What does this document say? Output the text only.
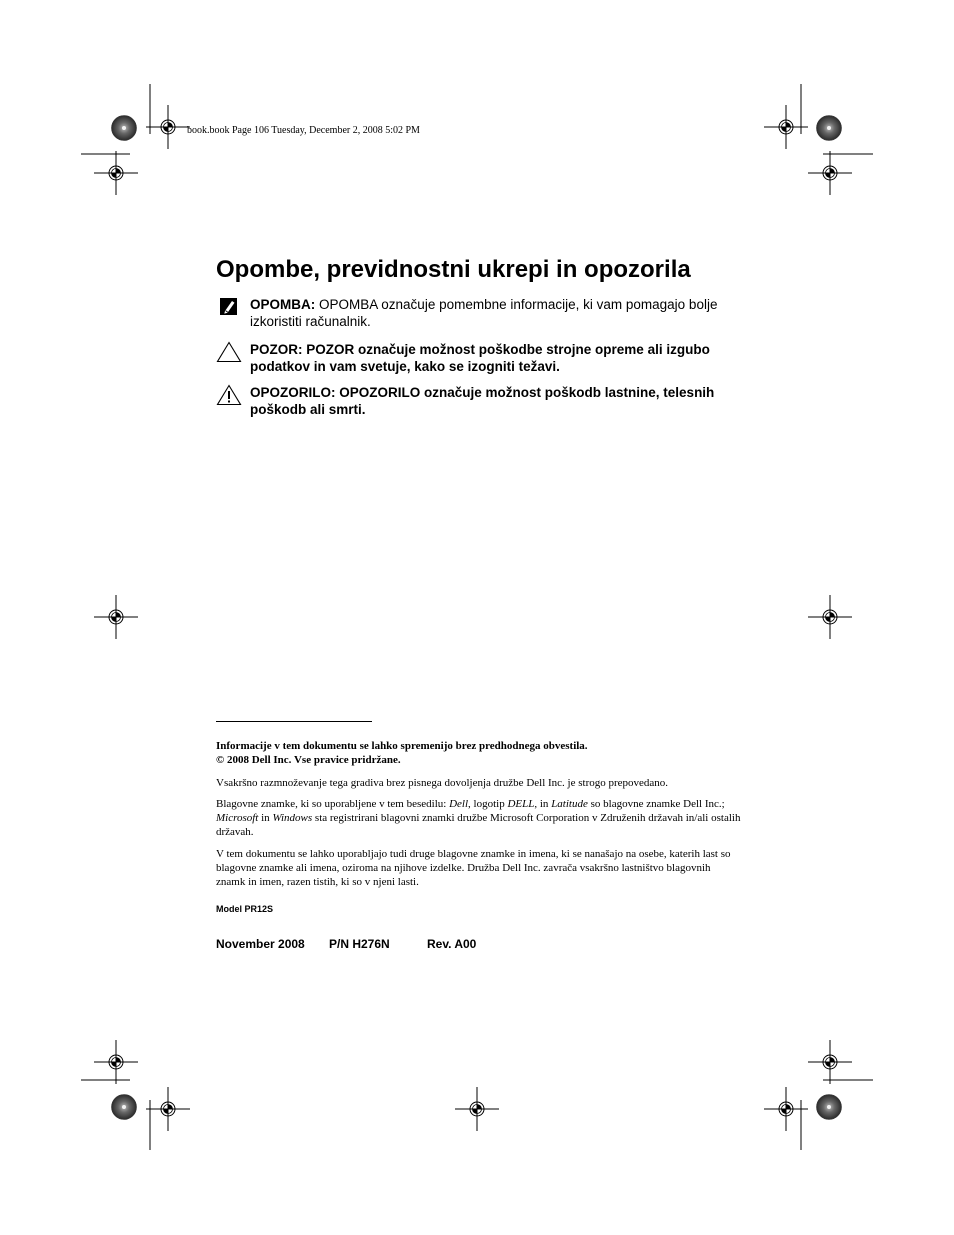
book.book Page 106 Tuesday, December 2, 2008 5:02 PM
Opombe, previdnostni ukrepi in opozorila
OPOMBA: OPOMBA označuje pomembne informacije, ki vam pomagajo bolje izkoristiti računalnik.
POZOR: POZOR označuje možnost poškodbe strojne opreme ali izgubo podatkov in vam svetuje, kako se izogniti težavi.
OPOZORILO: OPOZORILO označuje možnost poškodb lastnine, telesnih poškodb ali smrti.

Informacije v tem dokumentu se lahko spremenijo brez predhodnega obvestila.

© 2008 Dell Inc. Vse pravice pridržane.

Vsakršno razmnoževanje tega gradiva brez pisnega dovoljenja družbe Dell Inc. je strogo prepovedano.

Blagovne znamke, ki so uporabljene v tem besedilu: Dell, logotip DELL, in Latitude so blagovne znamke Dell Inc.; Microsoft in Windows sta registrirani blagovni znamki družbe Microsoft Corporation v Združenih državah in/ali ostalih državah.

V tem dokumentu se lahko uporabljajo tudi druge blagovne znamke in imena, ki se nanašajo na osebe, katerih last so blagovne znamke ali imena, oziroma na njihove izdelke. Družba Dell Inc. zavrača vsakršno lastništvo blagovnih znamk in imen, razen tistih, ki so v njeni lasti.

Model PR12S
November 2008 P/N H276N	Rev. A00
